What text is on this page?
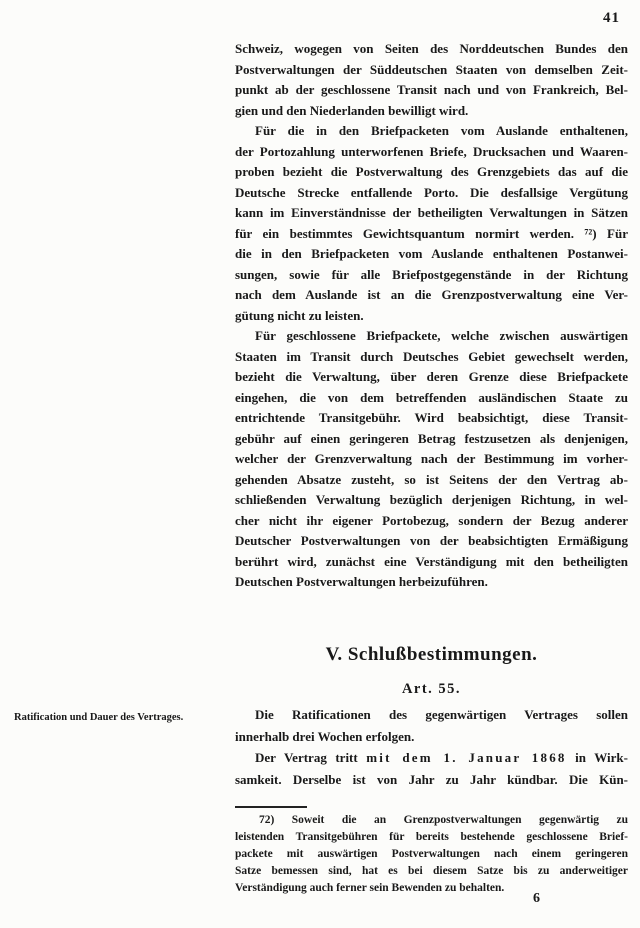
41
Schweiz, wogegen von Seiten des Norddeutschen Bundes den
Postverwaltungen der Süddeutschen Staaten von demselben Zeit-
punkt ab der geschlossene Transit nach und von Frankreich, Bel-
gien und den Niederlanden bewilligt wird.
Für die in den Briefpacketen vom Auslande enthaltenen,
der Portozahlung unterworfenen Briefe, Drucksachen und Waaren-
proben bezieht die Postverwaltung des Grenzgebiets das auf die
Deutsche Strecke entfallende Porto. Die desfallsige Vergütung
kann im Einverständnisse der betheiligten Verwaltungen in Sätzen
für ein bestimmtes Gewichtsquantum normirt werden. ⁷²) Für
die in den Briefpacketen vom Auslande enthaltenen Postanwei-
sungen, sowie für alle Briefpostgegenstände in der Richtung
nach dem Auslande ist an die Grenzpostverwaltung eine Ver-
gütung nicht zu leisten.
Für geschlossene Briefpackete, welche zwischen auswärtigen
Staaten im Transit durch Deutsches Gebiet gewechselt werden,
bezieht die Verwaltung, über deren Grenze diese Briefpackete
eingehen, die von dem betreffenden ausländischen Staate zu
entrichtende Transitgebühr. Wird beabsichtigt, diese Transit-
gebühr auf einen geringeren Betrag festzusetzen als denjenigen,
welcher der Grenzverwaltung nach der Bestimmung im vorher-
gehenden Absatze zusteht, so ist Seitens der den Vertrag ab-
schließenden Verwaltung bezüglich derjenigen Richtung, in wel-
cher nicht ihr eigener Portobezug, sondern der Bezug anderer
Deutscher Postverwaltungen von der beabsichtigten Ermäßigung
berührt wird, zunächst eine Verständigung mit den betheiligten
Deutschen Postverwaltungen herbeizuführen.
V. Schlußbestimmungen.
Art. 55.
Die Ratificationen des gegenwärtigen Vertrages sollen
innerhalb drei Wochen erfolgen.
Der Vertrag tritt mit dem 1. Januar 1868 in Wirk-
samkeit. Derselbe ist von Jahr zu Jahr kündbar. Die Kün-
Ratification und Dauer des Vertrages.
72) Soweit die an Grenzpostverwaltungen gegenwärtig zu
leistenden Transitgebühren für bereits bestehende geschlossene Brief-
packete mit auswärtigen Postverwaltungen nach einem geringeren
Satze bemessen sind, hat es bei diesem Satze bis zu anderweitiger
Verständigung auch ferner sein Bewenden zu behalten.
6
